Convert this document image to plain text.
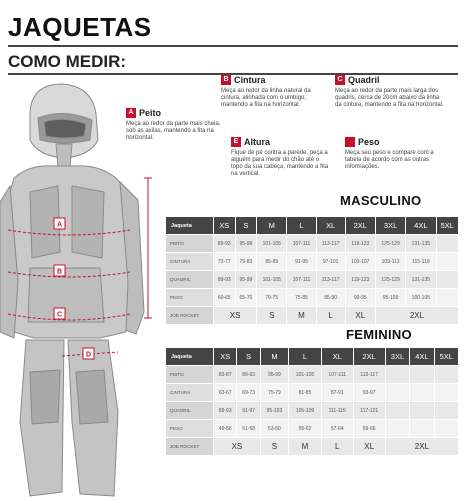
JAQUETAS
COMO MEDIR:
A Peito
Meça ao redor da parte mais cheia, sob as axilas, mantendo a fita na horizontal.
B Cintura
Meça ao redor da linha natural da cintura, alinhada com o umbigo, mantendo a fita na horizontal.
C Quadril
Meça ao redor da parte mais larga dos quadris, cerca de 20cm abaixo da linha da cintura, mantendo a fita na horizontal.
E Altura
Fique de pé contra a parede, peça a alguém para medir do chão até o topo da sua cabeça, mantendo a fita na vertical.
Peso
Meça seu peso e compare com a tabela de acordo com as outras informações.
A
B
C
D
MASCULINO
Jaqueta	XS	S	M	L	XL	2XL	3XL	4XL	5XL
PEITO	89-93	95-99	101-105	107-111	113-117	119-123	125-129	131-135	
CINTURA	73-77	79-83	85-89	91-95	97-101	103-107	109-113	115-119	
QUADRIL	89-93	95-99	101-105	107-111	113-117	119-123	125-129	131-135	
PESO	60-65	65-70	70-75	75-85	85-90	90-95	95-100	100-105	
JOE ROCKET	XS		S	M	L	XL	2XL		
FEMININO
Jaqueta	XS	S	M	L	XL	2XL	3XL	4XL	5XL
PEITO	83-87	89-93	95-99	101-105	107-111	113-117			
CINTURA	63-67	69-73	75-79	81-85	87-91	93-97			
QUADRIL	89-93	91-97	95-103	105-109	111-115	117-121			
PESO	49-56	51-58	53-60	55-62	57-64	59-66			
JOE ROCKET	XS		S	M	L	XL	2XL		
